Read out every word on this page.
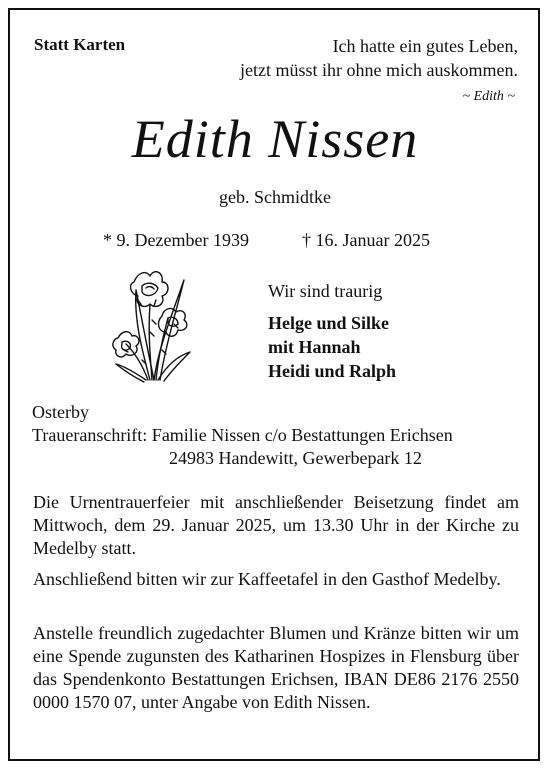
Statt Karten	Ich hatte ein gutes Leben,
jetzt müsst ihr ohne mich auskommen.
~ Edith ~
Edith Nissen
geb. Schmidtke
* 9. Dezember 1939	† 16. Januar 2025
Wir sind traurig
Helge und Silke
mit Hannah
Heidi und Ralph
Osterby
Traueranschrift: Familie Nissen c/o Bestattungen Erichsen
24983 Handewitt, Gewerbepark 12
Die Urnentrauerfeier mit anschließender Beisetzung findet am Mittwoch, dem 29. Januar 2025, um 13.30 Uhr in der Kirche zu Medelby statt.
Anschließend bitten wir zur Kaffeetafel in den Gasthof Medelby.
Anstelle freundlich zugedachter Blumen und Kränze bitten wir um eine Spende zugunsten des Katharinen Hospizes in Flensburg über das Spendenkonto Bestattungen Erichsen, IBAN DE86 2176 2550 0000 1570 07, unter Angabe von Edith Nissen.
